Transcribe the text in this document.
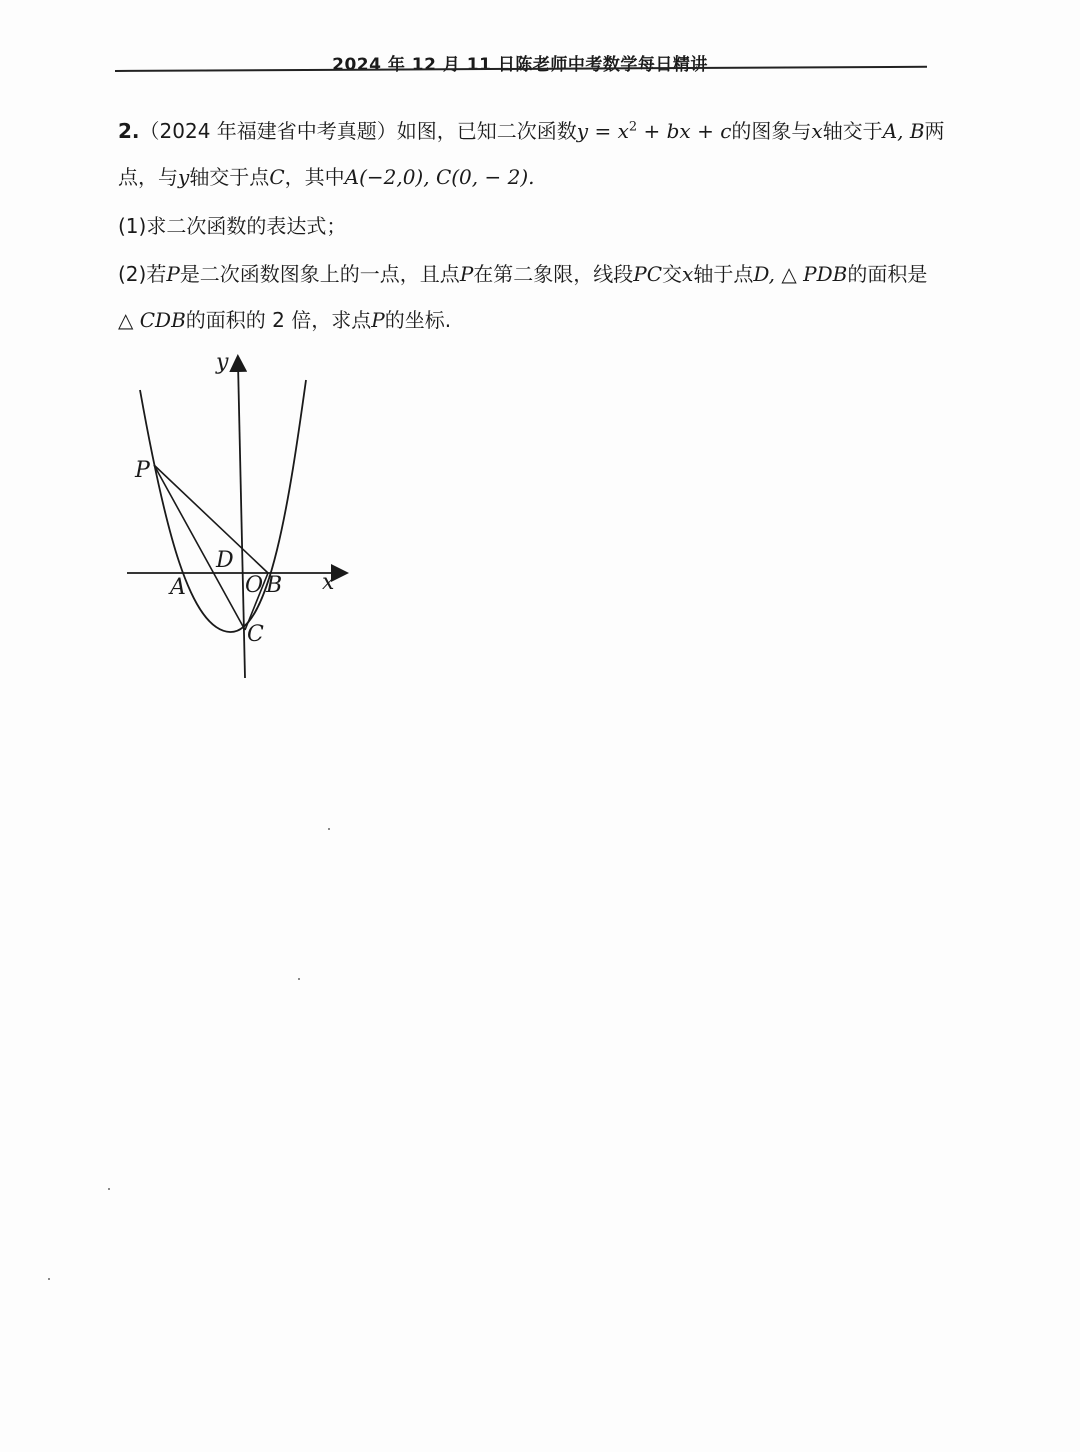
2024 年 12 月 11 日陈老师中考数学每日精讲
2.（2024 年福建省中考真题）如图，已知二次函数$y = x^2$ + bx + c的图象与x轴交于A, B两
点，与y轴交于点C，其中A(−2,0), C(0, − 2).
(1)求二次函数的表达式；
(2)若P是二次函数图象上的一点，且点P在第二象限，线段PC交x轴于点D, △ PDB的面积是
△ CDB的面积的 2 倍，求点P的坐标.
y
P
D
A	O B x
C
